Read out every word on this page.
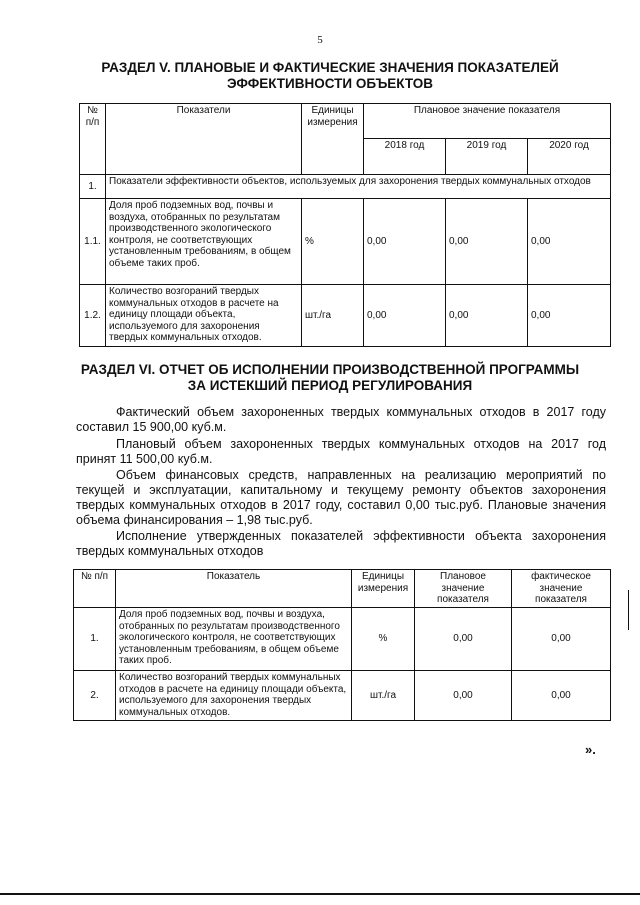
5
РАЗДЕЛ V. ПЛАНОВЫЕ И ФАКТИЧЕСКИЕ ЗНАЧЕНИЯ ПОКАЗАТЕЛЕЙ ЭФФЕКТИВНОСТИ ОБЪЕКТОВ
№ п/п	Показатели	Единицы измерения	Плановое значение показателя		
			2018 год	2019 год	2020 год
1.	Показатели эффективности объектов, используемых для захоронения твердых коммунальных отходов				
1.1.	Доля проб подземных вод, почвы и воздуха, отобранных по результатам производственного экологического контроля, не соответствующих установленным требованиям, в общем объеме таких проб.	%	0,00	0,00	0,00
1.2.	Количество возгораний твердых коммунальных отходов в расчете на единицу площади объекта, используемого для захоронения твердых коммунальных отходов.	шт./га	0,00	0,00	0,00
РАЗДЕЛ VI. ОТЧЕТ ОБ ИСПОЛНЕНИИ ПРОИЗВОДСТВЕННОЙ ПРОГРАММЫ ЗА ИСТЕКШИЙ ПЕРИОД РЕГУЛИРОВАНИЯ
Фактический объем захороненных твердых коммунальных отходов в 2017 году составил 15 900,00 куб.м.
Плановый объем захороненных твердых коммунальных отходов на 2017 год принят 11 500,00 куб.м.
Объем финансовых средств, направленных на реализацию мероприятий по текущей и эксплуатации, капитальному и текущему ремонту объектов захоронения твердых коммунальных отходов в 2017 году, составил 0,00 тыс.руб. Плановые значения объема финансирования – 1,98 тыс.руб.
Исполнение утвержденных показателей эффективности объекта захоронения твердых коммунальных отходов
№ п/п	Показатель	Единицы измерения	Плановое значение показателя	фактическое значение показателя
1.	Доля проб подземных вод, почвы и воздуха, отобранных по результатам производственного экологического контроля, не соответствующих установленным требованиям, в общем объеме таких проб.	%	0,00	0,00
2.	Количество возгораний твердых коммунальных отходов в расчете на единицу площади объекта, используемого для захоронения твердых коммунальных отходов.	шт./га	0,00	0,00
».
